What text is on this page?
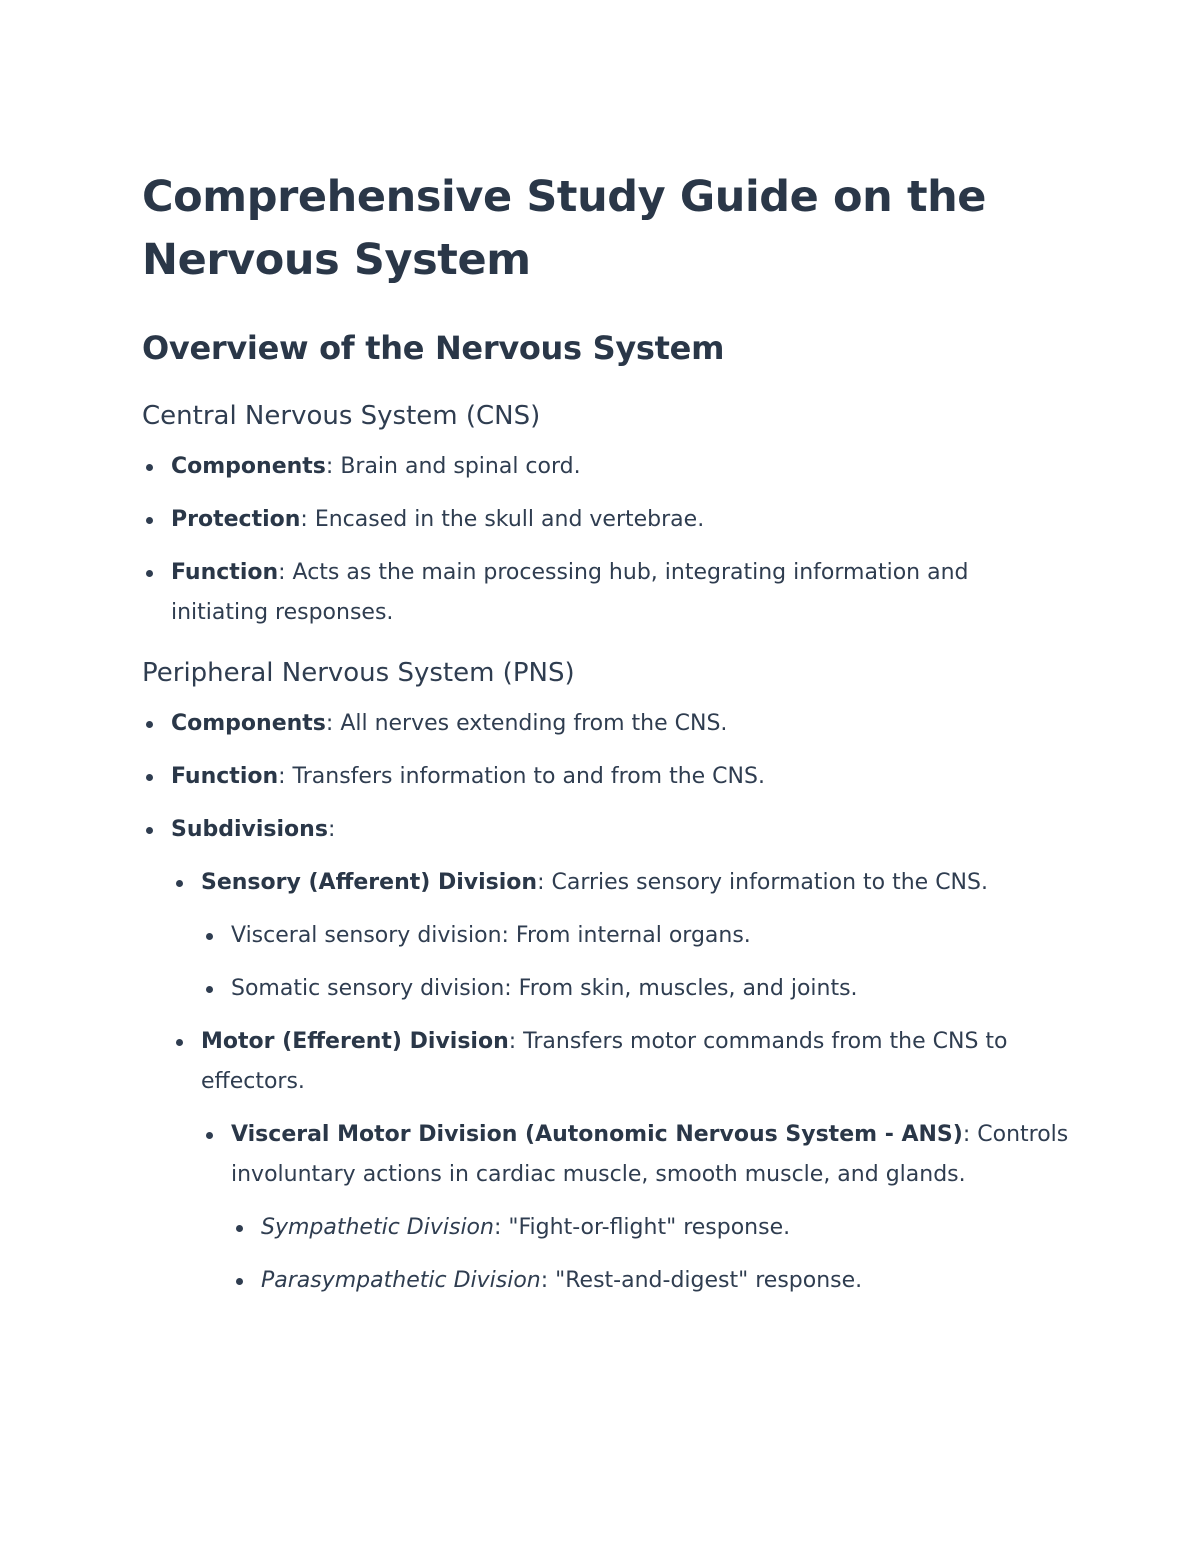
Comprehensive Study Guide on the Nervous System
Overview of the Nervous System
Central Nervous System (CNS)
Components: Brain and spinal cord.
Protection: Encased in the skull and vertebrae.
Function: Acts as the main processing hub, integrating information and initiating responses.
Peripheral Nervous System (PNS)
Components: All nerves extending from the CNS.
Function: Transfers information to and from the CNS.
Subdivisions:
Sensory (Afferent) Division: Carries sensory information to the CNS.
Visceral sensory division: From internal organs.
Somatic sensory division: From skin, muscles, and joints.
Motor (Efferent) Division: Transfers motor commands from the CNS to effectors.
Visceral Motor Division (Autonomic Nervous System - ANS): Controls involuntary actions in cardiac muscle, smooth muscle, and glands.
Sympathetic Division: "Fight-or-flight" response.
Parasympathetic Division: "Rest-and-digest" response.
